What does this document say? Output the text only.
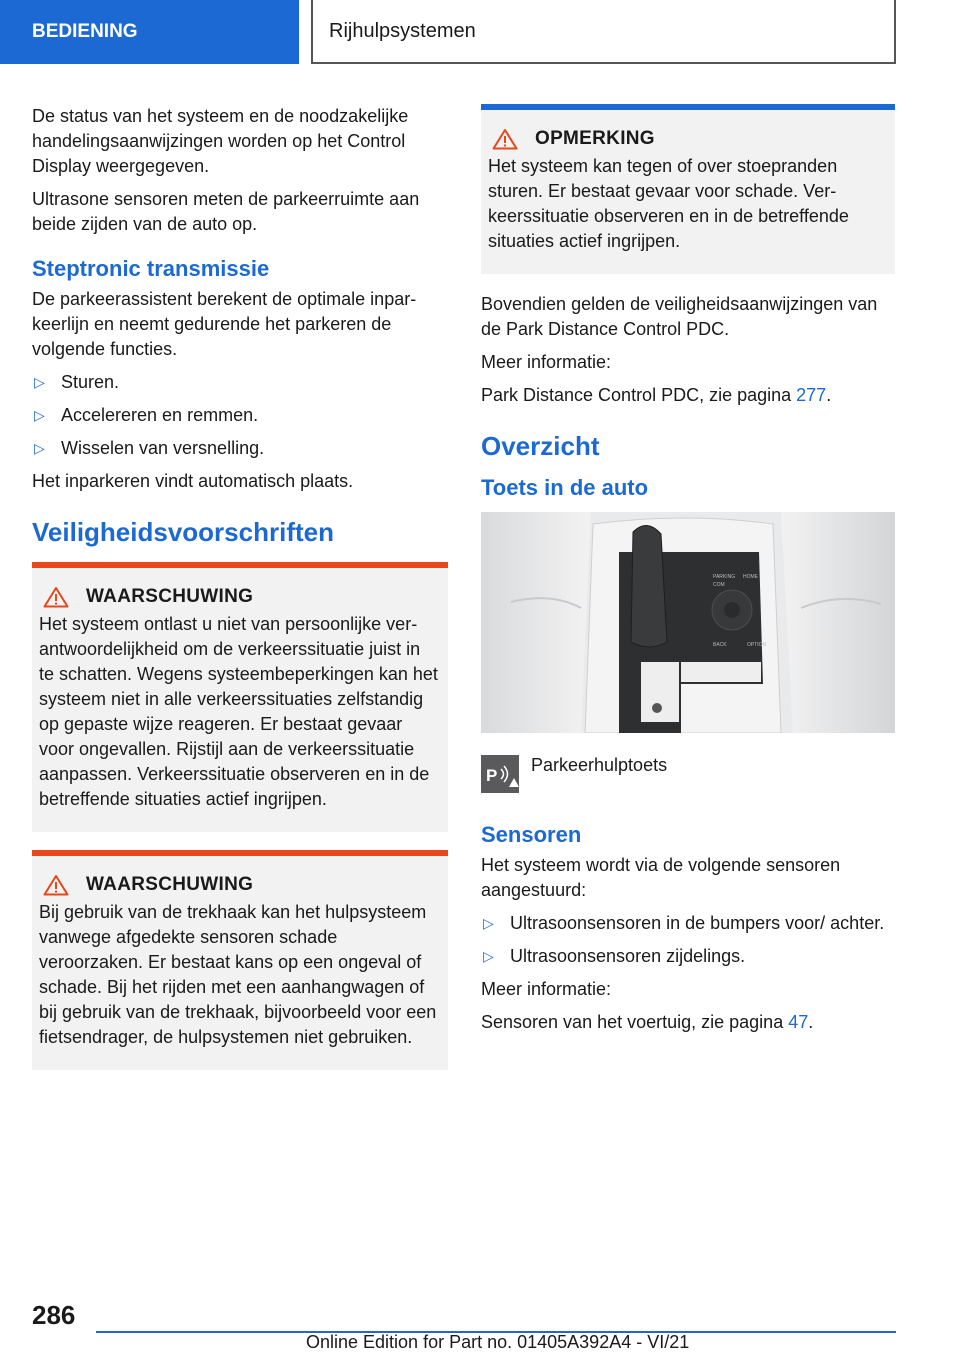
BEDIENING	Rijhulpsystemen

De status van het systeem en de noodzakelijke handelingsaanwijzingen worden op het Control Display weergegeven.

Ultrasone sensoren meten de parkeerruimte aan beide zijden van de auto op.

Steptronic transmissie

De parkeerassistent berekent de optimale inparkeerlijn en neemt gedurende het parkeren de volgende functies.

▷ Sturen.
▷ Accelereren en remmen.
▷ Wisselen van versnelling.

Het inparkeren vindt automatisch plaats.

Veiligheidsvoorschriften
WAARSCHUWING

Het systeem ontlast u niet van persoonlijke verantwoordelijkheid om de verkeerssituatie juist in te schatten. Wegens systeembeperkingen kan het systeem niet in alle verkeerssituaties zelfstandig op gepaste wijze reageren. Er bestaat gevaar voor ongevallen. Rijstijl aan de verkeerssituatie aanpassen. Verkeerssituatie observeren en in de betreffende situaties actief ingrijpen.

WAARSCHUWING

Bij gebruik van de trekhaak kan het hulpsysteem vanwege afgedekte sensoren schade veroorzaken. Er bestaat kans op een ongeval of schade. Bij het rijden met een aanhangwagen of bij gebruik van de trekhaak, bijvoorbeeld voor een fietsendrager, de hulpsystemen niet gebruiken.

OPMERKING

Het systeem kan tegen of over stoepranden sturen. Er bestaat gevaar voor schade. Verkeerssituatie observeren en in de betreffende situaties actief ingrijpen.

Bovendien gelden de veiligheidsaanwijzingen van de Park Distance Control PDC.

Meer informatie:

Park Distance Control PDC, zie pagina 277.

Overzicht
Toets in de auto
PARKING HOME
COM
BACK	OPTION
P
Parkeerhulptoets
Sensoren

Het systeem wordt via de volgende sensoren aangestuurd:

▷ Ultrasoonsensoren in de bumpers voor/ achter.
▷ Ultrasoonsensoren zijdelings.

Meer informatie:

Sensoren van het voertuig, zie pagina 47.

286
Online Edition for Part no. 01405A392A4 - VI/21
